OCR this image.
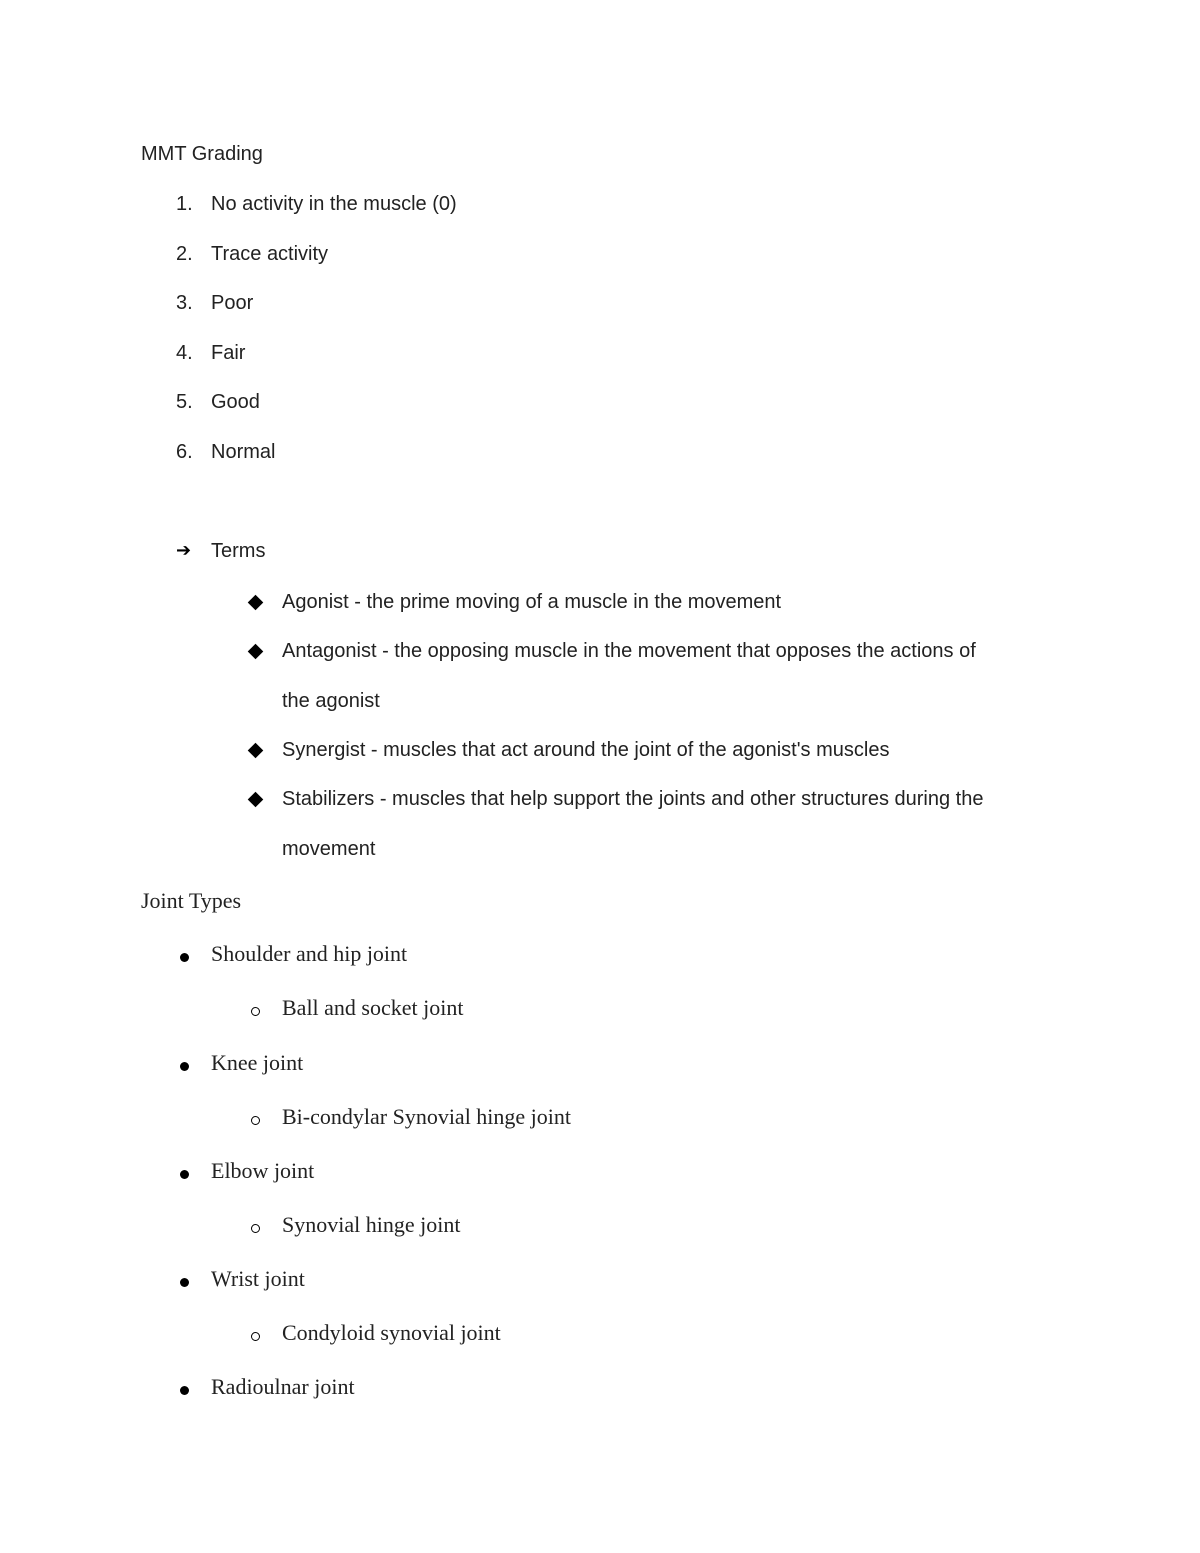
MMT Grading
1. No activity in the muscle (0)
2. Trace activity
3. Poor
4. Fair
5. Good
6. Normal
➔ Terms
Agonist - the prime moving of a muscle in the movement
Antagonist - the opposing muscle in the movement that opposes the actions of
the agonist
Synergist - muscles that act around the joint of the agonist's muscles
Stabilizers - muscles that help support the joints and other structures during the
movement
Joint Types
Shoulder and hip joint
Ball and socket joint
Knee joint
Bi-condylar Synovial hinge joint
Elbow joint
Synovial hinge joint
Wrist joint
Condyloid synovial joint
Radioulnar joint
